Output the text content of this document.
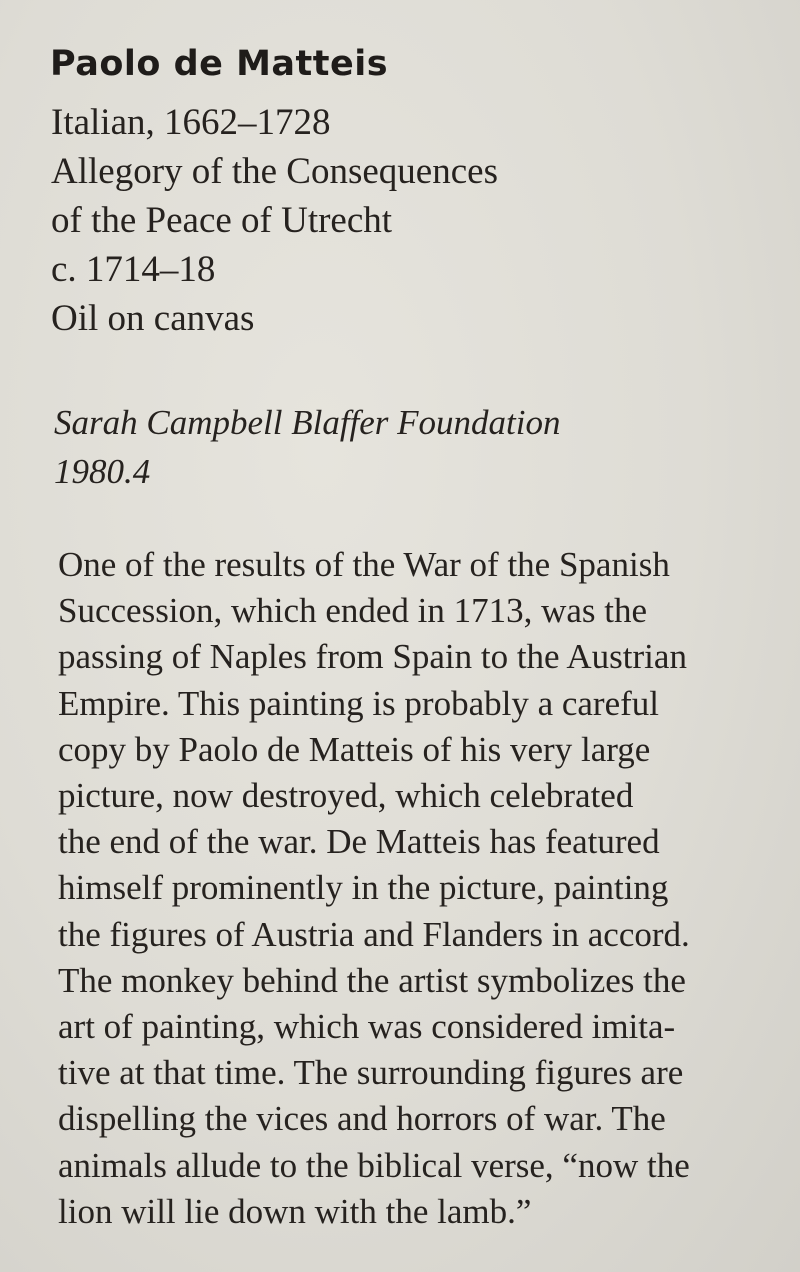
Paolo de Matteis
Italian, 1662–1728
Allegory of the Consequences
of the Peace of Utrecht
c. 1714–18
Oil on canvas
Sarah Campbell Blaffer Foundation
1980.4
One of the results of the War of the Spanish
Succession, which ended in 1713, was the
passing of Naples from Spain to the Austrian
Empire. This painting is probably a careful
copy by Paolo de Matteis of his very large
picture, now destroyed, which celebrated
the end of the war. De Matteis has featured
himself prominently in the picture, painting
the figures of Austria and Flanders in accord.
The monkey behind the artist symbolizes the
art of painting, which was considered imita-
tive at that time. The surrounding figures are
dispelling the vices and horrors of war. The
animals allude to the biblical verse, “now the
lion will lie down with the lamb.”
